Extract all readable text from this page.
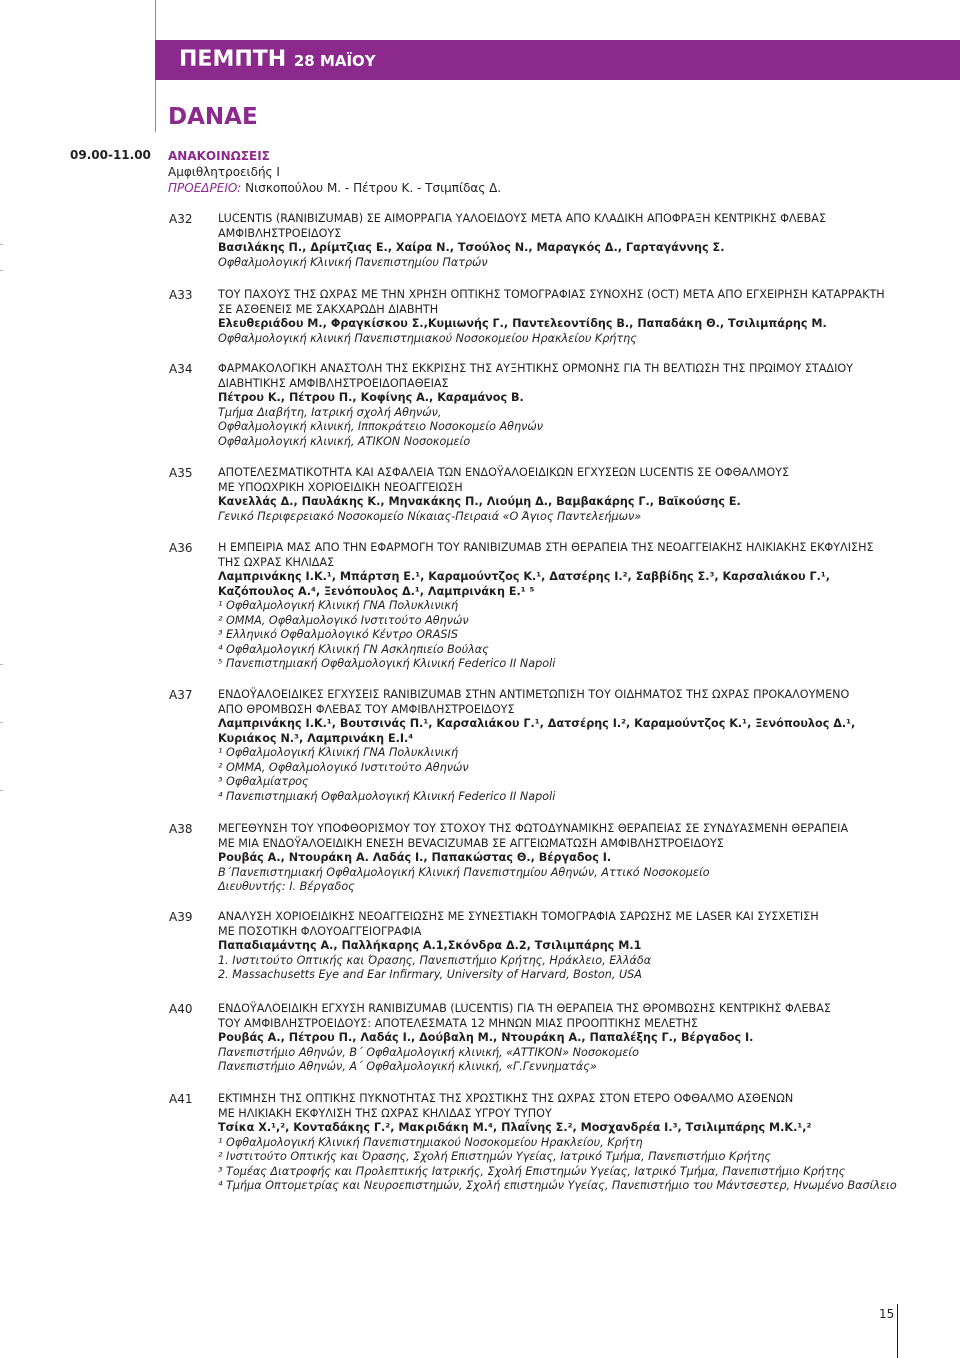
ΠΕΜΠΤΗ 28 ΜΑΪΟΥ
DANAE
09.00-11.00 ΑΝΑΚΟΙΝΩΣΕΙΣ
Αμφιθλητροειδής Ι
ΠΡΟΕΔΡΕΙΟ: Νισκοπούλου Μ. - Πέτρου Κ. - Τσιμπίδας Δ.
A32 LUCENTIS (RANIBIZUMAB) ΣΕ ΑΙΜΟΡΡΑΓΙΑ ΥΑΛΟΕΙΔΟΥΣ ΜΕΤΑ ΑΠΟ ΚΛΑΔΙΚΗ ΑΠΟΦΡΑΞΗ ΚΕΝΤΡΙΚΗΣ ΦΛΕΒΑΣ
ΑΜΦΙΒΛΗΣΤΡΟΕΙΔΟΥΣ
Βασιλάκης Π., Δρίμτζιας Ε., Χαίρα Ν., Τσούλος Ν., Μαραγκός Δ., Γαρταγάννης Σ.
Οφθαλμολογική Κλινική Πανεπιστημίου Πατρών
A33 ΤΟΥ ΠΑΧΟΥΣ ΤΗΣ ΩΧΡΑΣ ΜΕ ΤΗΝ ΧΡΗΣΗ ΟΠΤΙΚΗΣ ΤΟΜΟΓΡΑΦΙΑΣ ΣΥΝΟΧΗΣ (OCT) ΜΕΤΑ ΑΠΟ ΕΓΧΕΙΡΗΣΗ ΚΑΤΑΡΡΑΚΤΗ
ΣΕ ΑΣΘΕΝΕΙΣ ΜΕ ΣΑΚΧΑΡΩΔΗ ΔΙΑΒΗΤΗ
Ελευθεριάδου Μ., Φραγκίσκου Σ.,Κυμιωνής Γ., Παντελεοντίδης Β., Παπαδάκη Θ., Τσιλιμπάρης Μ.
Οφθαλμολογική κλινική Πανεπιστημιακού Νοσοκομείου Ηρακλείου Κρήτης
A34 ΦΑΡΜΑΚΟΛΟΓΙΚΗ ΑΝΑΣΤΟΛΗ ΤΗΣ ΕΚΚΡΙΣΗΣ ΤΗΣ ΑΥΞΗΤΙΚΗΣ ΟΡΜΟΝΗΣ ΓΙΑ ΤΗ ΒΕΛΤΙΩΣΗ ΤΗΣ ΠΡΩΙΜΟΥ ΣΤΑΔΙΟΥ
ΔΙΑΒΗΤΙΚΗΣ ΑΜΦΙΒΛΗΣΤΡΟΕΙΔΟΠΑΘΕΙΑΣ
Πέτρου Κ., Πέτρου Π., Κοφίνης Α., Καραμάνος Β.
Τμήμα Διαβήτη, Ιατρική σχολή Αθηνών,
Οφθαλμολογική κλινική, Ιπποκράτειο Νοσοκομείο Αθηνών
Οφθαλμολογική κλινική, ΑΤΙΚΟΝ Νοσοκομείο
A35 ΑΠΟΤΕΛΕΣΜΑΤΙΚΟΤΗΤΑ ΚΑΙ ΑΣΦΑΛΕΙΑ ΤΩΝ ΕΝΔΟΫΑΛΟΕΙΔΙΚΩΝ ΕΓΧΥΣΕΩΝ LUCENTIS ΣΕ ΟΦΘΑΛΜΟΥΣ
ΜΕ ΥΠΟΩΧΡΙΚΗ ΧΟΡΙΟΕΙΔΙΚΗ ΝΕΟΑΓΓΕΙΩΣΗ
Κανελλάς Δ., Παυλάκης Κ., Μηνακάκης Π., Λιούμη Δ., Βαμβακάρης Γ., Βαϊκούσης Ε.
Γενικό Περιφερειακό Νοσοκομείο Νίκαιας-Πειραιά «Ο Άγιος Παντελεήμων»
A36 Η ΕΜΠΕΙΡΙΑ ΜΑΣ ΑΠΟ ΤΗΝ ΕΦΑΡΜΟΓΗ ΤΟΥ RANIBIZUMAB ΣΤΗ ΘΕΡΑΠΕΙΑ ΤΗΣ ΝΕΟΑΓΓΕΙΑΚΗΣ ΗΛΙΚΙΑΚΗΣ ΕΚΦΥΛΙΣΗΣ
ΤΗΣ ΩΧΡΑΣ ΚΗΛΙΔΑΣ
Λαμπρινάκης Ι.Κ.¹, Μπάρτση Ε.¹, Καραμούντζος Κ.¹, Δατσέρης Ι.², Σαββίδης Σ.³, Καρσαλιάκου Γ.¹,
Καζόπουλος Α.⁴, Ξενόπουλος Δ.¹, Λαμπρινάκη Ε.¹ ⁵
¹ Οφθαλμολογική Κλινική ΓΝΑ Πολυκλινική
² ΟΜΜΑ, Οφθαλμολογικό Ινστιτούτο Αθηνών
³ Ελληνικό Οφθαλμολογικό Κέντρο ORASIS
⁴ Οφθαλμολογική Κλινική ΓΝ Ασκληπιείο Βούλας
⁵ Πανεπιστημιακή Οφθαλμολογική Κλινική Federico II Napoli
A37 ΕΝΔΟΫΑΛΟΕΙΔΙΚΕΣ ΕΓΧΥΣΕΙΣ RANIBIZUMAB ΣΤΗΝ ΑΝΤΙΜΕΤΩΠΙΣΗ ΤΟΥ ΟΙΔΗΜΑΤΟΣ ΤΗΣ ΩΧΡΑΣ ΠΡΟΚΑΛΟΥΜΕΝΟ
ΑΠΟ ΘΡΟΜΒΩΣΗ ΦΛΕΒΑΣ ΤΟΥ ΑΜΦΙΒΛΗΣΤΡΟΕΙΔΟΥΣ
Λαμπρινάκης Ι.Κ.¹, Βουτσινάς Π.¹, Καρσαλιάκου Γ.¹, Δατσέρης Ι.², Καραμούντζος Κ.¹, Ξενόπουλος Δ.¹,
Κυριάκος Ν.³, Λαμπρινάκη Ε.Ι.⁴
¹ Οφθαλμολογική Κλινική ΓΝΑ Πολυκλινική
² ΟΜΜΑ, Οφθαλμολογικό Ινστιτούτο Αθηνών
³ Οφθαλμίατρος
⁴ Πανεπιστημιακή Οφθαλμολογική Κλινική Federico II Napoli
A38 ΜΕΓΕΘΥΝΣΗ ΤΟΥ ΥΠΟΦΘΟΡΙΣΜΟΥ ΤΟΥ ΣΤΟΧΟΥ ΤΗΣ ΦΩΤΟΔΥΝΑΜΙΚΗΣ ΘΕΡΑΠΕΙΑΣ ΣΕ ΣΥΝΔΥΑΣΜΕΝΗ ΘΕΡΑΠΕΙΑ
ΜΕ ΜΙΑ ΕΝΔΟΫΑΛΟΕΙΔΙΚΗ ΕΝΕΣΗ BEVACIZUMAB ΣΕ ΑΓΓΕΙΩΜΑΤΩΣΗ ΑΜΦΙΒΛΗΣΤΡΟΕΙΔΟΥΣ
Ρουβάς Α., Ντουράκη Α. Λαδάς Ι., Παπακώστας Θ., Βέργαδος Ι.
Β΄Πανεπιστημιακή Οφθαλμολογική Κλινική Πανεπιστημίου Αθηνών, Αττικό Νοσοκομείο
Διευθυντής: Ι. Βέργαδος
A39 ΑΝΑΛΥΣΗ ΧΟΡΙΟΕΙΔΙΚΗΣ ΝΕΟΑΓΓΕΙΩΣΗΣ ΜΕ ΣΥΝΕΣΤΙΑΚΗ ΤΟΜΟΓΡΑΦΙΑ ΣΑΡΩΣΗΣ ΜΕ LASER ΚΑΙ ΣΥΣΧΕΤΙΣΗ
ΜΕ ΠΟΣΟΤΙΚΗ ΦΛΟΥΟΑΓΓΕΙΟΓΡΑΦΙΑ
Παπαδιαμάντης Α., Παλλήκαρης Α.1,Σκόνδρα Δ.2, Τσιλιμπάρης Μ.1
1. Ινστιτούτο Οπτικής και Όρασης, Πανεπιστήμιο Κρήτης, Ηράκλειο, Ελλάδα
2. Massachusetts Eye and Ear Infirmary, University of Harvard, Boston, USA
A40 ΕΝΔΟΫΑΛΟΕΙΔΙΚΗ ΕΓΧΥΣΗ RANIBIZUMAB (LUCENTIS) ΓΙΑ ΤΗ ΘΕΡΑΠΕΙΑ ΤΗΣ ΘΡΟΜΒΩΣΗΣ ΚΕΝΤΡΙΚΗΣ ΦΛΕΒΑΣ
ΤΟΥ ΑΜΦΙΒΛΗΣΤΡΟΕΙΔΟΥΣ: ΑΠΟΤΕΛΕΣΜΑΤΑ 12 ΜΗΝΩΝ ΜΙΑΣ ΠΡΟΟΠΤΙΚΗΣ ΜΕΛΕΤΗΣ
Ρουβάς Α., Πέτρου Π., Λαδάς Ι., Δούβαλη Μ., Ντουράκη Α., Παπαλέξης Γ., Βέργαδος Ι.
Πανεπιστήμιο Αθηνών, Β΄ Οφθαλμολογική κλινική, «ΑΤΤΙΚΟΝ» Νοσοκομείο
Πανεπιστήμιο Αθηνών, Α΄ Οφθαλμολογική κλινική, «Γ.Γεννηματάς»
A41 ΕΚΤΙΜΗΣΗ ΤΗΣ ΟΠΤΙΚΗΣ ΠΥΚΝΟΤΗΤΑΣ ΤΗΣ ΧΡΩΣΤΙΚΗΣ ΤΗΣ ΩΧΡΑΣ ΣΤΟΝ ΕΤΕΡΟ ΟΦΘΑΛΜΟ ΑΣΘΕΝΩΝ
ΜΕ ΗΛΙΚΙΑΚΗ ΕΚΦΥΛΙΣΗ ΤΗΣ ΩΧΡΑΣ ΚΗΛΙΔΑΣ ΥΓΡΟΥ ΤΥΠΟΥ
Τσίκα Χ.¹,², Κονταδάκης Γ.², Μακριδάκη Μ.⁴, Πλαΐνης Σ.², Μοσχανδρέα Ι.³, Τσιλιμπάρης Μ.Κ.¹,²
¹ Οφθαλμολογική Κλινική Πανεπιστημιακού Νοσοκομείου Ηρακλείου, Κρήτη
² Ινστιτούτο Οπτικής και Όρασης, Σχολή Επιστημών Υγείας, Ιατρικό Τμήμα, Πανεπιστήμιο Κρήτης
³ Τομέας Διατροφής και Προλεπτικής Ιατρικής, Σχολή Επιστημών Υγείας, Ιατρικό Τμήμα, Πανεπιστήμιο Κρήτης
⁴ Τμήμα Οπτομετρίας και Νευροεπιστημών, Σχολή επιστημών Υγείας, Πανεπιστήμιο του Μάντσεστερ, Ηνωμένο Βασίλειο
15
